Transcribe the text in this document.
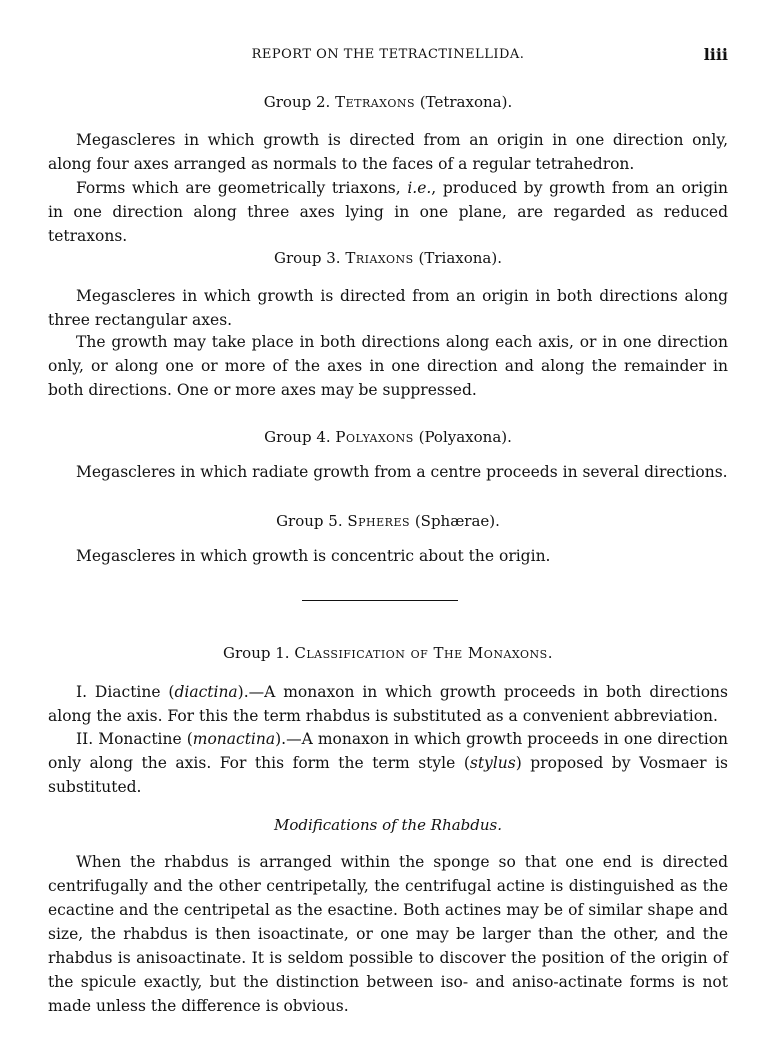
REPORT ON THE TETRACTINELLIDA.	liii
Group 2. Tetraxons (Tetraxona).

Megascleres in which growth is directed from an origin in one direction only, along four axes arranged as normals to the faces of a regular tetrahedron.

Forms which are geometrically triaxons, i.e., produced by growth from an origin in one direction along three axes lying in one plane, are regarded as reduced tetraxons.

Group 3. Triaxons (Triaxona).

Megascleres in which growth is directed from an origin in both directions along three rectangular axes.

The growth may take place in both directions along each axis, or in one direction only, or along one or more of the axes in one direction and along the remainder in both directions. One or more axes may be suppressed.

Group 4. Polyaxons (Polyaxona).

Megascleres in which radiate growth from a centre proceeds in several directions.

Group 5. Spheres (Sphærae).

Megascleres in which growth is concentric about the origin.

Group 1. Classification of The Monaxons.

I. Diactine (diactina).—A monaxon in which growth proceeds in both directions along the axis. For this the term rhabdus is substituted as a convenient abbreviation.

II. Monactine (monactina).—A monaxon in which growth proceeds in one direction only along the axis. For this form the term style (stylus) proposed by Vosmaer is substituted.

Modifications of the Rhabdus.

When the rhabdus is arranged within the sponge so that one end is directed centrifugally and the other centripetally, the centrifugal actine is distinguished as the ecactine and the centripetal as the esactine. Both actines may be of similar shape and size, the rhabdus is then isoactinate, or one may be larger than the other, and the rhabdus is anisoactinate. It is seldom possible to discover the position of the origin of the spicule exactly, but the distinction between iso- and aniso-actinate forms is not made unless the difference is obvious.
